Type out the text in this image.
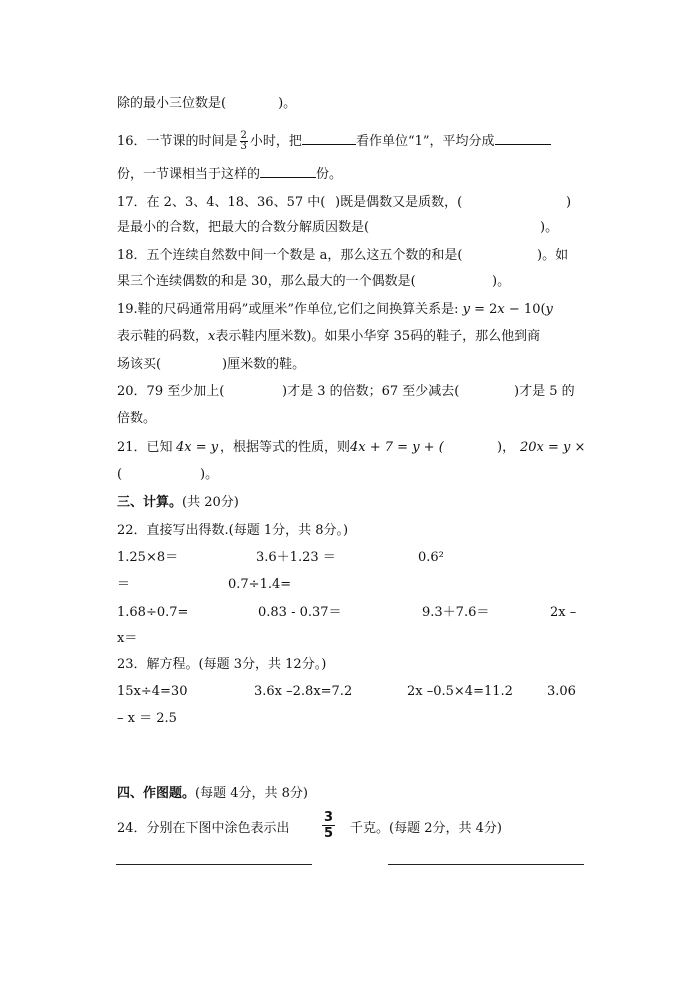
除的最小三位数是(　　　　)。
16．一节课的时间是 $\frac{2}{3}$ 小时，把	看作单位“1”，平均分成
份，一节课相当于这样的	份。
17．在 2、3、4、18、36、57 中( )既是偶数又是质数，(	)
是最小的合数，把最大的合数分解质因数是(	)。
18．五个连续自然数中间一个数是 a，那么这五个数的和是(	)。如
果三个连续偶数的和是 30，那么最大的一个偶数是(	)。
19.鞋的尺码通常用码”或厘米”作单位,它们之间换算关系是: y = 2x − 10(y
表示鞋的码数，x表示鞋内厘米数)。如果小华穿 35码的鞋子，那么他到商
场该买(	)厘米数的鞋。
20．79 至少加上(	)才是 3 的倍数；67 至少减去(	)才是 5 的
倍数。
21．已知 4x = y ，根据等式的性质，则 4x + 7 = y + (	)， 20x = y ×
(	)。
三、计算。(共 20分)
22．直接写出得数.(每题 1分，共 8分。)
1.25×8＝	3.6＋1.23 ＝	0.6²
＝	0.7÷1.4=
1.68÷0.7=	0.83 - 0.37＝	9.3＋7.6＝	2x –
x＝
23．解方程。(每题 3分，共 12分。)
15x÷4=30	3.6x –2.8x=7.2	2x –0.5×4=11.2	3.06
– x ＝ 2.5
四、作图题。(每题 4分，共 8分)
24．分别在下图中涂色表示出 $\frac{3}{5}$ 千克。(每题 2分，共 4分)
